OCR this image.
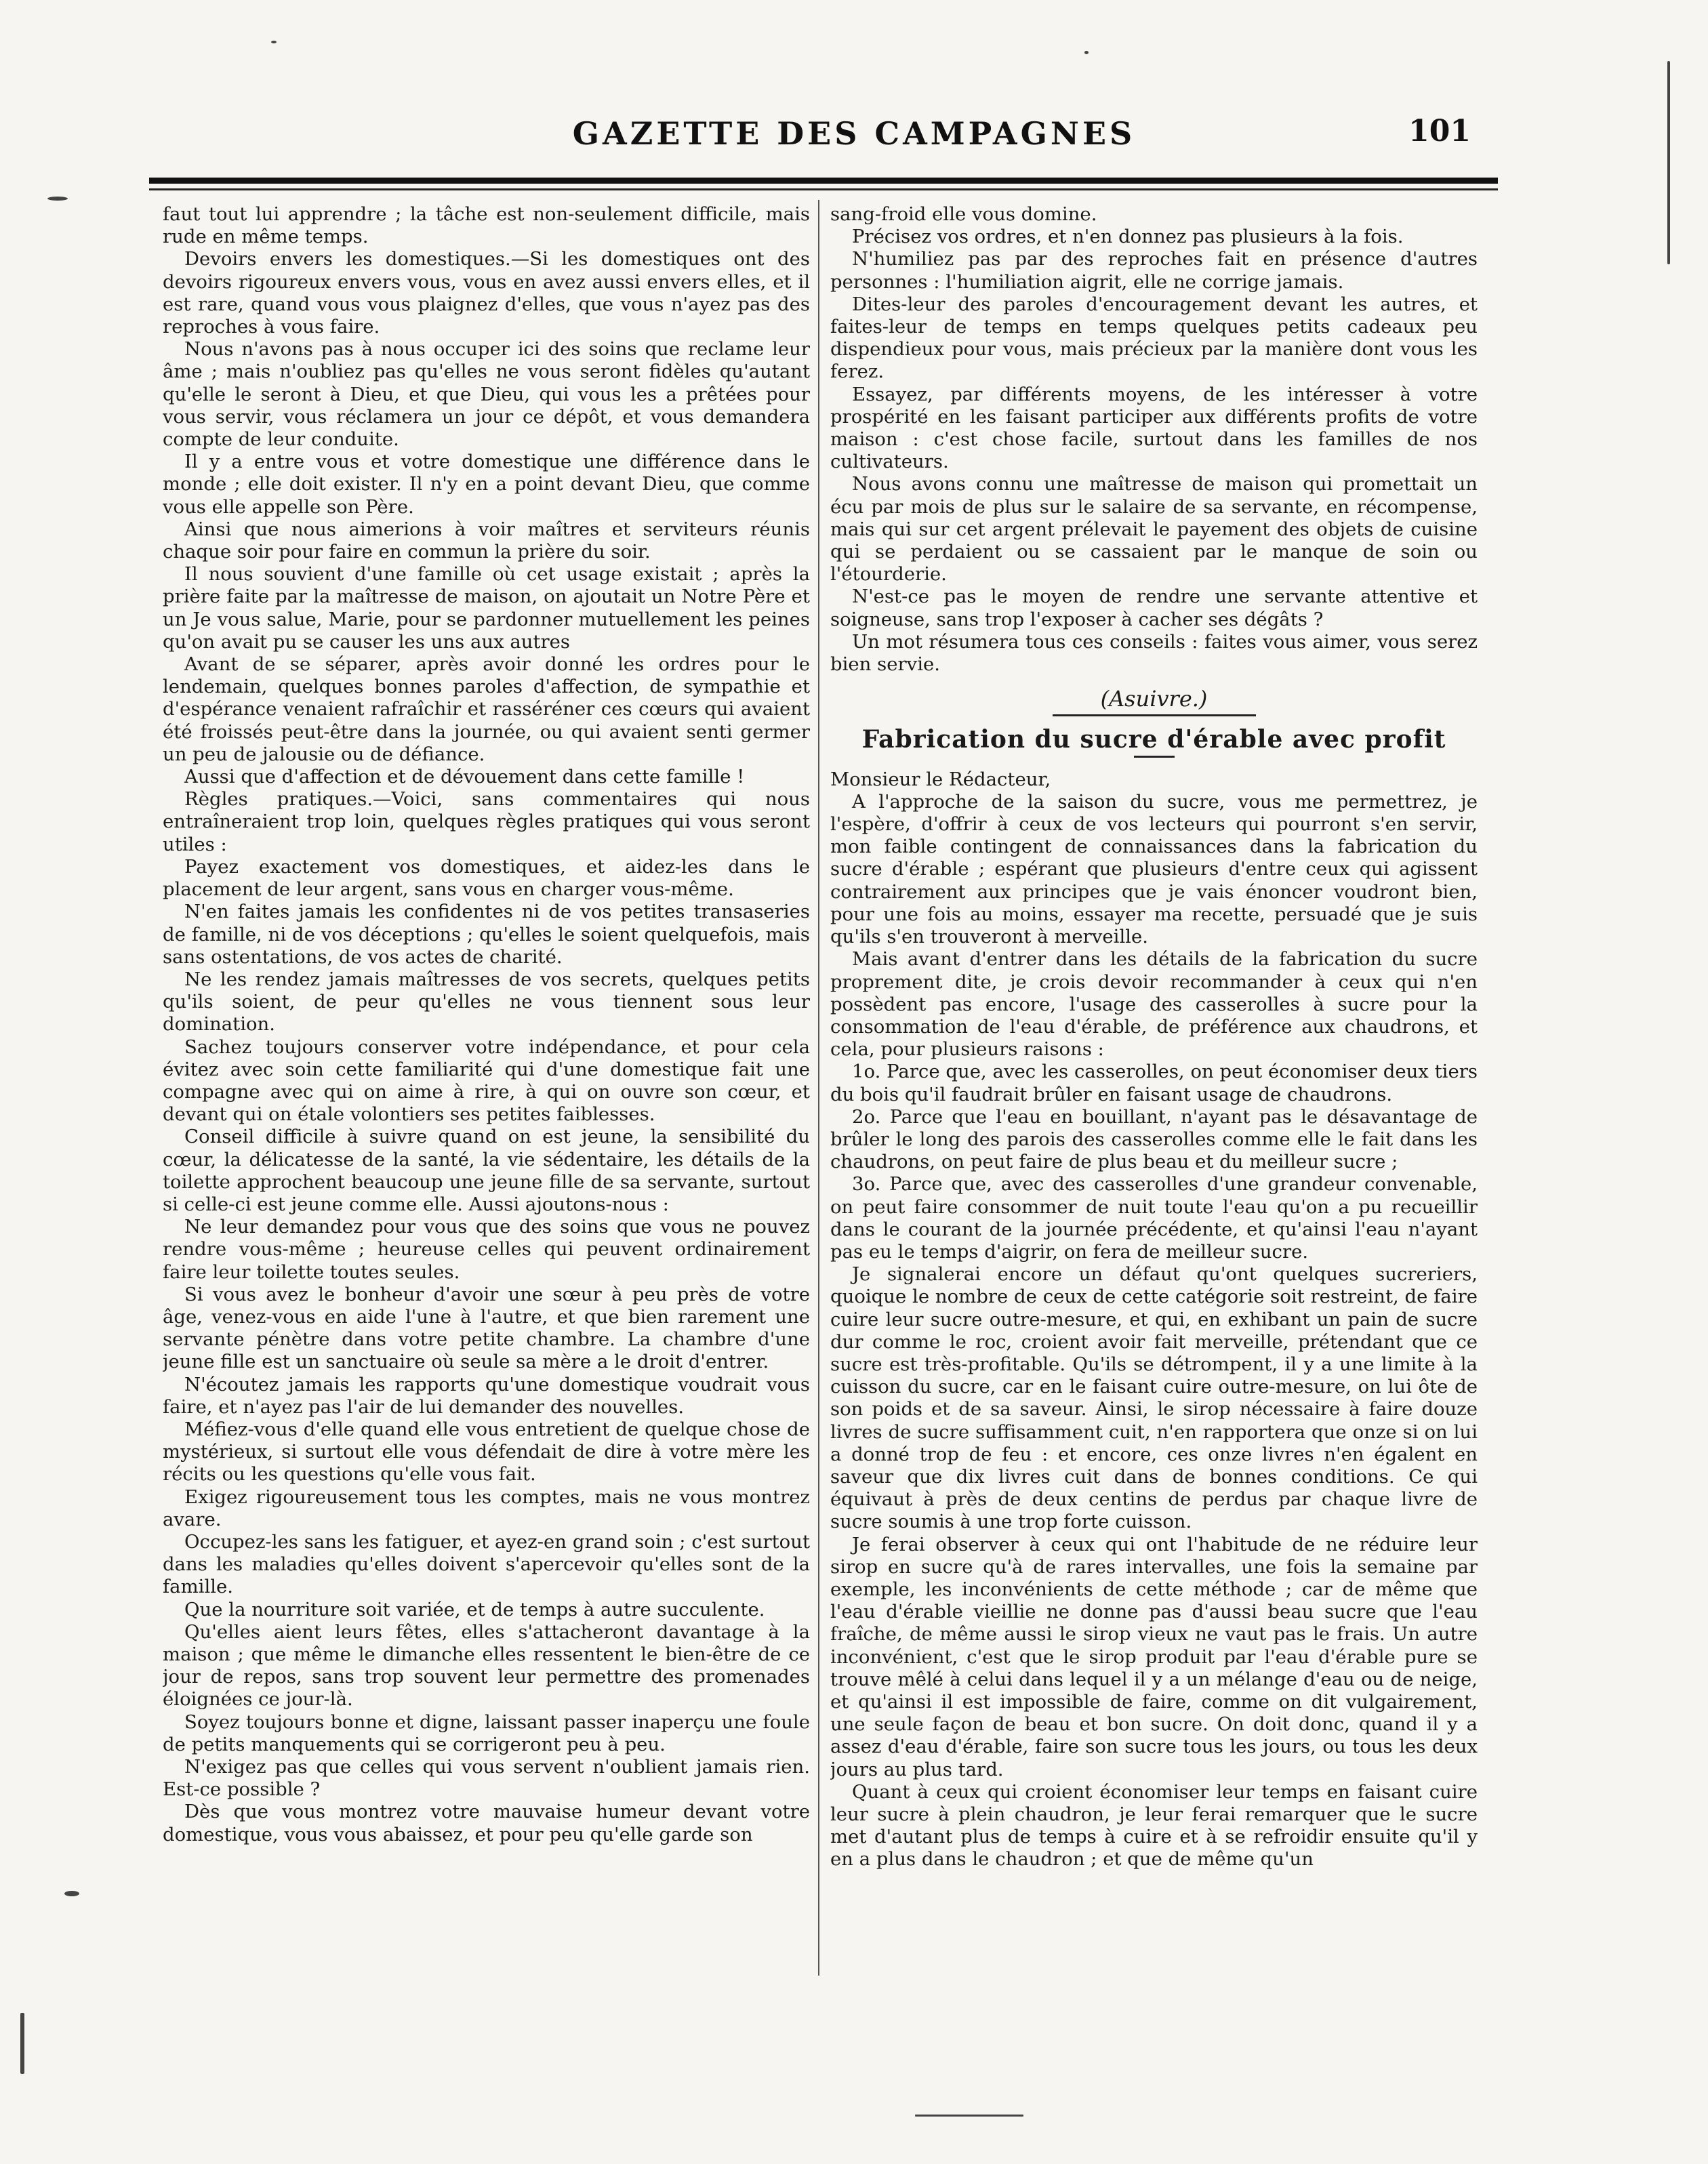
GAZETTE DES CAMPAGNES	101

faut tout lui apprendre ; la tâche est non-seulement difficile, mais rude en même temps.

Devoirs envers les domestiques.—Si les domestiques ont des devoirs rigoureux envers vous, vous en avez aussi envers elles, et il est rare, quand vous vous plaignez d'elles, que vous n'ayez pas des reproches à vous faire.

Nous n'avons pas à nous occuper ici des soins que reclame leur âme ; mais n'oubliez pas qu'elles ne vous seront fidèles qu'autant qu'elle le seront à Dieu, et que Dieu, qui vous les a prêtées pour vous servir, vous réclamera un jour ce dépôt, et vous demandera compte de leur conduite.

Il y a entre vous et votre domestique une différence dans le monde ; elle doit exister. Il n'y en a point devant Dieu, que comme vous elle appelle son Père.

Ainsi que nous aimerions à voir maîtres et serviteurs réunis chaque soir pour faire en commun la prière du soir.

Il nous souvient d'une famille où cet usage existait ; après la prière faite par la maîtresse de maison, on ajoutait un Notre Père et un Je vous salue, Marie, pour se pardonner mutuellement les peines qu'on avait pu se causer les uns aux autres

Avant de se séparer, après avoir donné les ordres pour le lendemain, quelques bonnes paroles d'affection, de sympathie et d'espérance venaient rafraîchir et rasséréner ces cœurs qui avaient été froissés peut-être dans la journée, ou qui avaient senti germer un peu de jalousie ou de défiance.

Aussi que d'affection et de dévouement dans cette famille !

Règles pratiques.—Voici, sans commentaires qui nous entraîneraient trop loin, quelques règles pratiques qui vous seront utiles :

Payez exactement vos domestiques, et aidez-les dans le placement de leur argent, sans vous en charger vous-même.

N'en faites jamais les confidentes ni de vos petites transaseries de famille, ni de vos déceptions ; qu'elles le soient quelquefois, mais sans ostentations, de vos actes de charité.

Ne les rendez jamais maîtresses de vos secrets, quelques petits qu'ils soient, de peur qu'elles ne vous tiennent sous leur domination.

Sachez toujours conserver votre indépendance, et pour cela évitez avec soin cette familiarité qui d'une domestique fait une compagne avec qui on aime à rire, à qui on ouvre son cœur, et devant qui on étale volontiers ses petites faiblesses.

Conseil difficile à suivre quand on est jeune, la sensibilité du cœur, la délicatesse de la santé, la vie sédentaire, les détails de la toilette approchent beaucoup une jeune fille de sa servante, surtout si celle-ci est jeune comme elle. Aussi ajoutons-nous :

Ne leur demandez pour vous que des soins que vous ne pouvez rendre vous-même ; heureuse celles qui peuvent ordinairement faire leur toilette toutes seules.

Si vous avez le bonheur d'avoir une sœur à peu près de votre âge, venez-vous en aide l'une à l'autre, et que bien rarement une servante pénètre dans votre petite chambre. La chambre d'une jeune fille est un sanctuaire où seule sa mère a le droit d'entrer.

N'écoutez jamais les rapports qu'une domestique voudrait vous faire, et n'ayez pas l'air de lui demander des nouvelles.

Méfiez-vous d'elle quand elle vous entretient de quelque chose de mystérieux, si surtout elle vous défendait de dire à votre mère les récits ou les questions qu'elle vous fait.

Exigez rigoureusement tous les comptes, mais ne vous montrez avare.

Occupez-les sans les fatiguer, et ayez-en grand soin ; c'est surtout dans les maladies qu'elles doivent s'apercevoir qu'elles sont de la famille.

Que la nourriture soit variée, et de temps à autre succulente.

Qu'elles aient leurs fêtes, elles s'attacheront davantage à la maison ; que même le dimanche elles ressentent le bien-être de ce jour de repos, sans trop souvent leur permettre des promenades éloignées ce jour-là.

Soyez toujours bonne et digne, laissant passer inaperçu une foule de petits manquements qui se corrigeront peu à peu.

N'exigez pas que celles qui vous servent n'oublient jamais rien. Est-ce possible ?

Dès que vous montrez votre mauvaise humeur devant votre domestique, vous vous abaissez, et pour peu qu'elle garde son

sang-froid elle vous domine.

Précisez vos ordres, et n'en donnez pas plusieurs à la fois.

N'humiliez pas par des reproches fait en présence d'autres personnes : l'humiliation aigrit, elle ne corrige jamais.

Dites-leur des paroles d'encouragement devant les autres, et faites-leur de temps en temps quelques petits cadeaux peu dispendieux pour vous, mais précieux par la manière dont vous les ferez.

Essayez, par différents moyens, de les intéresser à votre prospérité en les faisant participer aux différents profits de votre maison : c'est chose facile, surtout dans les familles de nos cultivateurs.

Nous avons connu une maîtresse de maison qui promettait un écu par mois de plus sur le salaire de sa servante, en récompense, mais qui sur cet argent prélevait le payement des objets de cuisine qui se perdaient ou se cassaient par le manque de soin ou l'étourderie.

N'est-ce pas le moyen de rendre une servante attentive et soigneuse, sans trop l'exposer à cacher ses dégâts ?

Un mot résumera tous ces conseils : faites vous aimer, vous serez bien servie.

(Asuivre.)
Fabrication du sucre d'érable avec profit

Monsieur le Rédacteur,

A l'approche de la saison du sucre, vous me permettrez, je l'espère, d'offrir à ceux de vos lecteurs qui pourront s'en servir, mon faible contingent de connaissances dans la fabrication du sucre d'érable ; espérant que plusieurs d'entre ceux qui agissent contrairement aux principes que je vais énoncer voudront bien, pour une fois au moins, essayer ma recette, persuadé que je suis qu'ils s'en trouveront à merveille.

Mais avant d'entrer dans les détails de la fabrication du sucre proprement dite, je crois devoir recommander à ceux qui n'en possèdent pas encore, l'usage des casserolles à sucre pour la consommation de l'eau d'érable, de préférence aux chaudrons, et cela, pour plusieurs raisons :

1o. Parce que, avec les casserolles, on peut économiser deux tiers du bois qu'il faudrait brûler en faisant usage de chaudrons.

2o. Parce que l'eau en bouillant, n'ayant pas le désavantage de brûler le long des parois des casserolles comme elle le fait dans les chaudrons, on peut faire de plus beau et du meilleur sucre ;

3o. Parce que, avec des casserolles d'une grandeur convenable, on peut faire consommer de nuit toute l'eau qu'on a pu recueillir dans le courant de la journée précédente, et qu'ainsi l'eau n'ayant pas eu le temps d'aigrir, on fera de meilleur sucre.

Je signalerai encore un défaut qu'ont quelques sucreriers, quoique le nombre de ceux de cette catégorie soit restreint, de faire cuire leur sucre outre-mesure, et qui, en exhibant un pain de sucre dur comme le roc, croient avoir fait merveille, prétendant que ce sucre est très-profitable. Qu'ils se détrompent, il y a une limite à la cuisson du sucre, car en le faisant cuire outre-mesure, on lui ôte de son poids et de sa saveur. Ainsi, le sirop nécessaire à faire douze livres de sucre suffisamment cuit, n'en rapportera que onze si on lui a donné trop de feu : et encore, ces onze livres n'en égalent en saveur que dix livres cuit dans de bonnes conditions. Ce qui équivaut à près de deux centins de perdus par chaque livre de sucre soumis à une trop forte cuisson.

Je ferai observer à ceux qui ont l'habitude de ne réduire leur sirop en sucre qu'à de rares intervalles, une fois la semaine par exemple, les inconvénients de cette méthode ; car de même que l'eau d'érable vieillie ne donne pas d'aussi beau sucre que l'eau fraîche, de même aussi le sirop vieux ne vaut pas le frais. Un autre inconvénient, c'est que le sirop produit par l'eau d'érable pure se trouve mêlé à celui dans lequel il y a un mélange d'eau ou de neige, et qu'ainsi il est impossible de faire, comme on dit vulgairement, une seule façon de beau et bon sucre. On doit donc, quand il y a assez d'eau d'érable, faire son sucre tous les jours, ou tous les deux jours au plus tard.

Quant à ceux qui croient économiser leur temps en faisant cuire leur sucre à plein chaudron, je leur ferai remarquer que le sucre met d'autant plus de temps à cuire et à se refroidir ensuite qu'il y en a plus dans le chaudron ; et que de même qu'un
